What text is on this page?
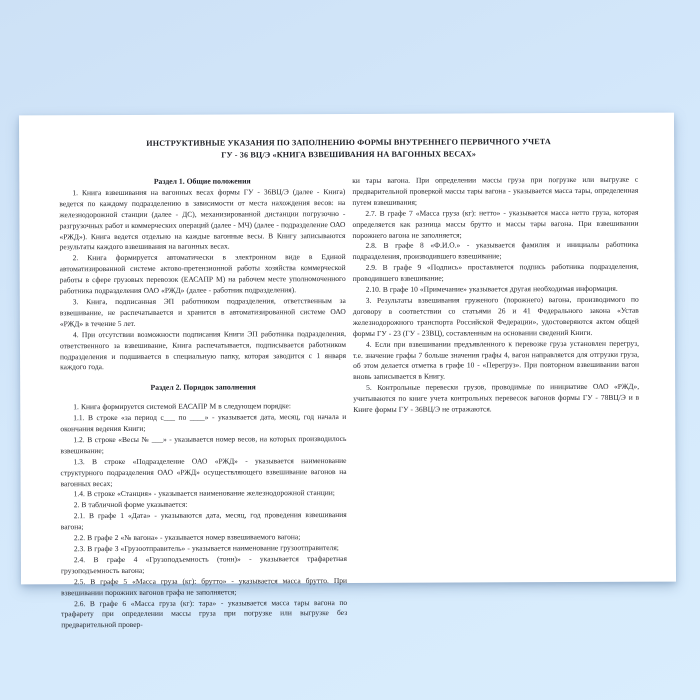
ИНСТРУКТИВНЫЕ УКАЗАНИЯ ПО ЗАПОЛНЕНИЮ ФОРМЫ ВНУТРЕННЕГО ПЕРВИЧНОГО УЧЕТА
ГУ - 36 ВЦ/Э «КНИГА ВЗВЕШИВАНИЯ НА ВАГОННЫХ ВЕСАХ»
Раздел 1. Общие положения

1. Книга взвешивания на вагонных весах формы ГУ - 36ВЦ/Э (далее - Книга) ведется по каждому подразделению в зависимости от места нахождения весов: на железнодорожной станции (далее - ДС), механизированной дистанции погрузочно - разгрузочных работ и коммерческих операций (далее - МЧ) (далее - подразделение ОАО «РЖД»). Книга ведется отдельно на каждые вагонные весы. В Книгу записываются результаты каждого взвешивания на вагонных весах.

2. Книга формируется автоматически в электронном виде в Единой автоматизированной системе актово-претензионной работы хозяйства коммерческой работы в сфере грузовых перевозок (ЕАСАПР М) на рабочем месте уполномоченного работника подразделения ОАО «РЖД» (далее - работник подразделения).

3. Книга, подписанная ЭП работником подразделения, ответственным за взвешивание, не распечатывается и хранится в автоматизированной системе ОАО «РЖД» в течение 5 лет.

4. При отсутствии возможности подписания Книги ЭП работника подразделения, ответственного за взвешивание, Книга распечатывается, подписывается работником подразделения и подшивается в специальную папку, которая заводится с 1 января каждого года.

Раздел 2. Порядок заполнения

1. Книга формируется системой ЕАСАПР М в следующем порядке:

1.1. В строке «за период с___ по ____» - указывается дата, месяц, год начала и окончания ведения Книги;

1.2. В строке «Весы № ___» - указывается номер весов, на которых производилось взвешивание;

1.3. В строке «Подразделение ОАО «РЖД» - указывается наименование структурного подразделения ОАО «РЖД» осуществляющего взвешивание вагонов на вагонных весах;

1.4. В строке «Станция» - указывается наименование железнодорожной станции;

2. В табличной форме указывается:

2.1. В графе 1 «Дата» - указываются дата, месяц, год проведения взвешивания вагона;

2.2. В графе 2 «№ вагона» - указывается номер взвешиваемого вагона;

2.3. В графе 3 «Грузоотправитель» - указывается наименование грузоотправителя;

2.4. В графе 4 «Грузоподъемность (тонн)» - указывается трафаретная грузоподъемность вагона;

2.5. В графе 5 «Масса груза (кг): брутто» - указывается масса брутто. При взвешивании порожних вагонов графа не заполняется;

2.6. В графе 6 «Масса груза (кг): тара» - указывается масса тары вагона по трафарету при определении массы груза при погрузке или выгрузке без предварительной провер-

ки тары вагона. При определении массы груза при погрузке или выгрузке с предварительной проверкой массы тары вагона - указывается масса тары, определенная путем взвешивания;

2.7. В графе 7 «Масса груза (кг): нетто» - указывается масса нетто груза, которая определяется как разница массы брутто и массы тары вагона. При взвешивании порожнего вагона не заполняется;

2.8. В графе 8 «Ф.И.О.» - указывается фамилия и инициалы работника подразделения, производившего взвешивание;

2.9. В графе 9 «Подпись» проставляется подпись работника подразделения, проводившего взвешивание;

2.10. В графе 10 «Примечание» указывается другая необходимая информация.

3. Результаты взвешивания груженого (порожнего) вагона, производимого по договору в соответствии со статьями 26 и 41 Федерального закона «Устав железнодорожного транспорта Российской Федерации», удостоверяются актом общей формы ГУ - 23 (ГУ - 23ВЦ), составленным на основании сведений Книги.

4. Если при взвешивании предъявленного к перевозке груза установлен перегруз, т.е. значение графы 7 больше значения графы 4, вагон направляется для отгрузки груза, об этом делается отметка в графе 10 - «Перегруз». При повторном взвешивании вагон вновь записывается в Книгу.

5. Контрольные перевески грузов, проводимые по инициативе ОАО «РЖД», учитываются по книге учета контрольных перевесок вагонов формы ГУ - 78ВЦ/Э и в Книге формы ГУ - 36ВЦ/Э не отражаются.
